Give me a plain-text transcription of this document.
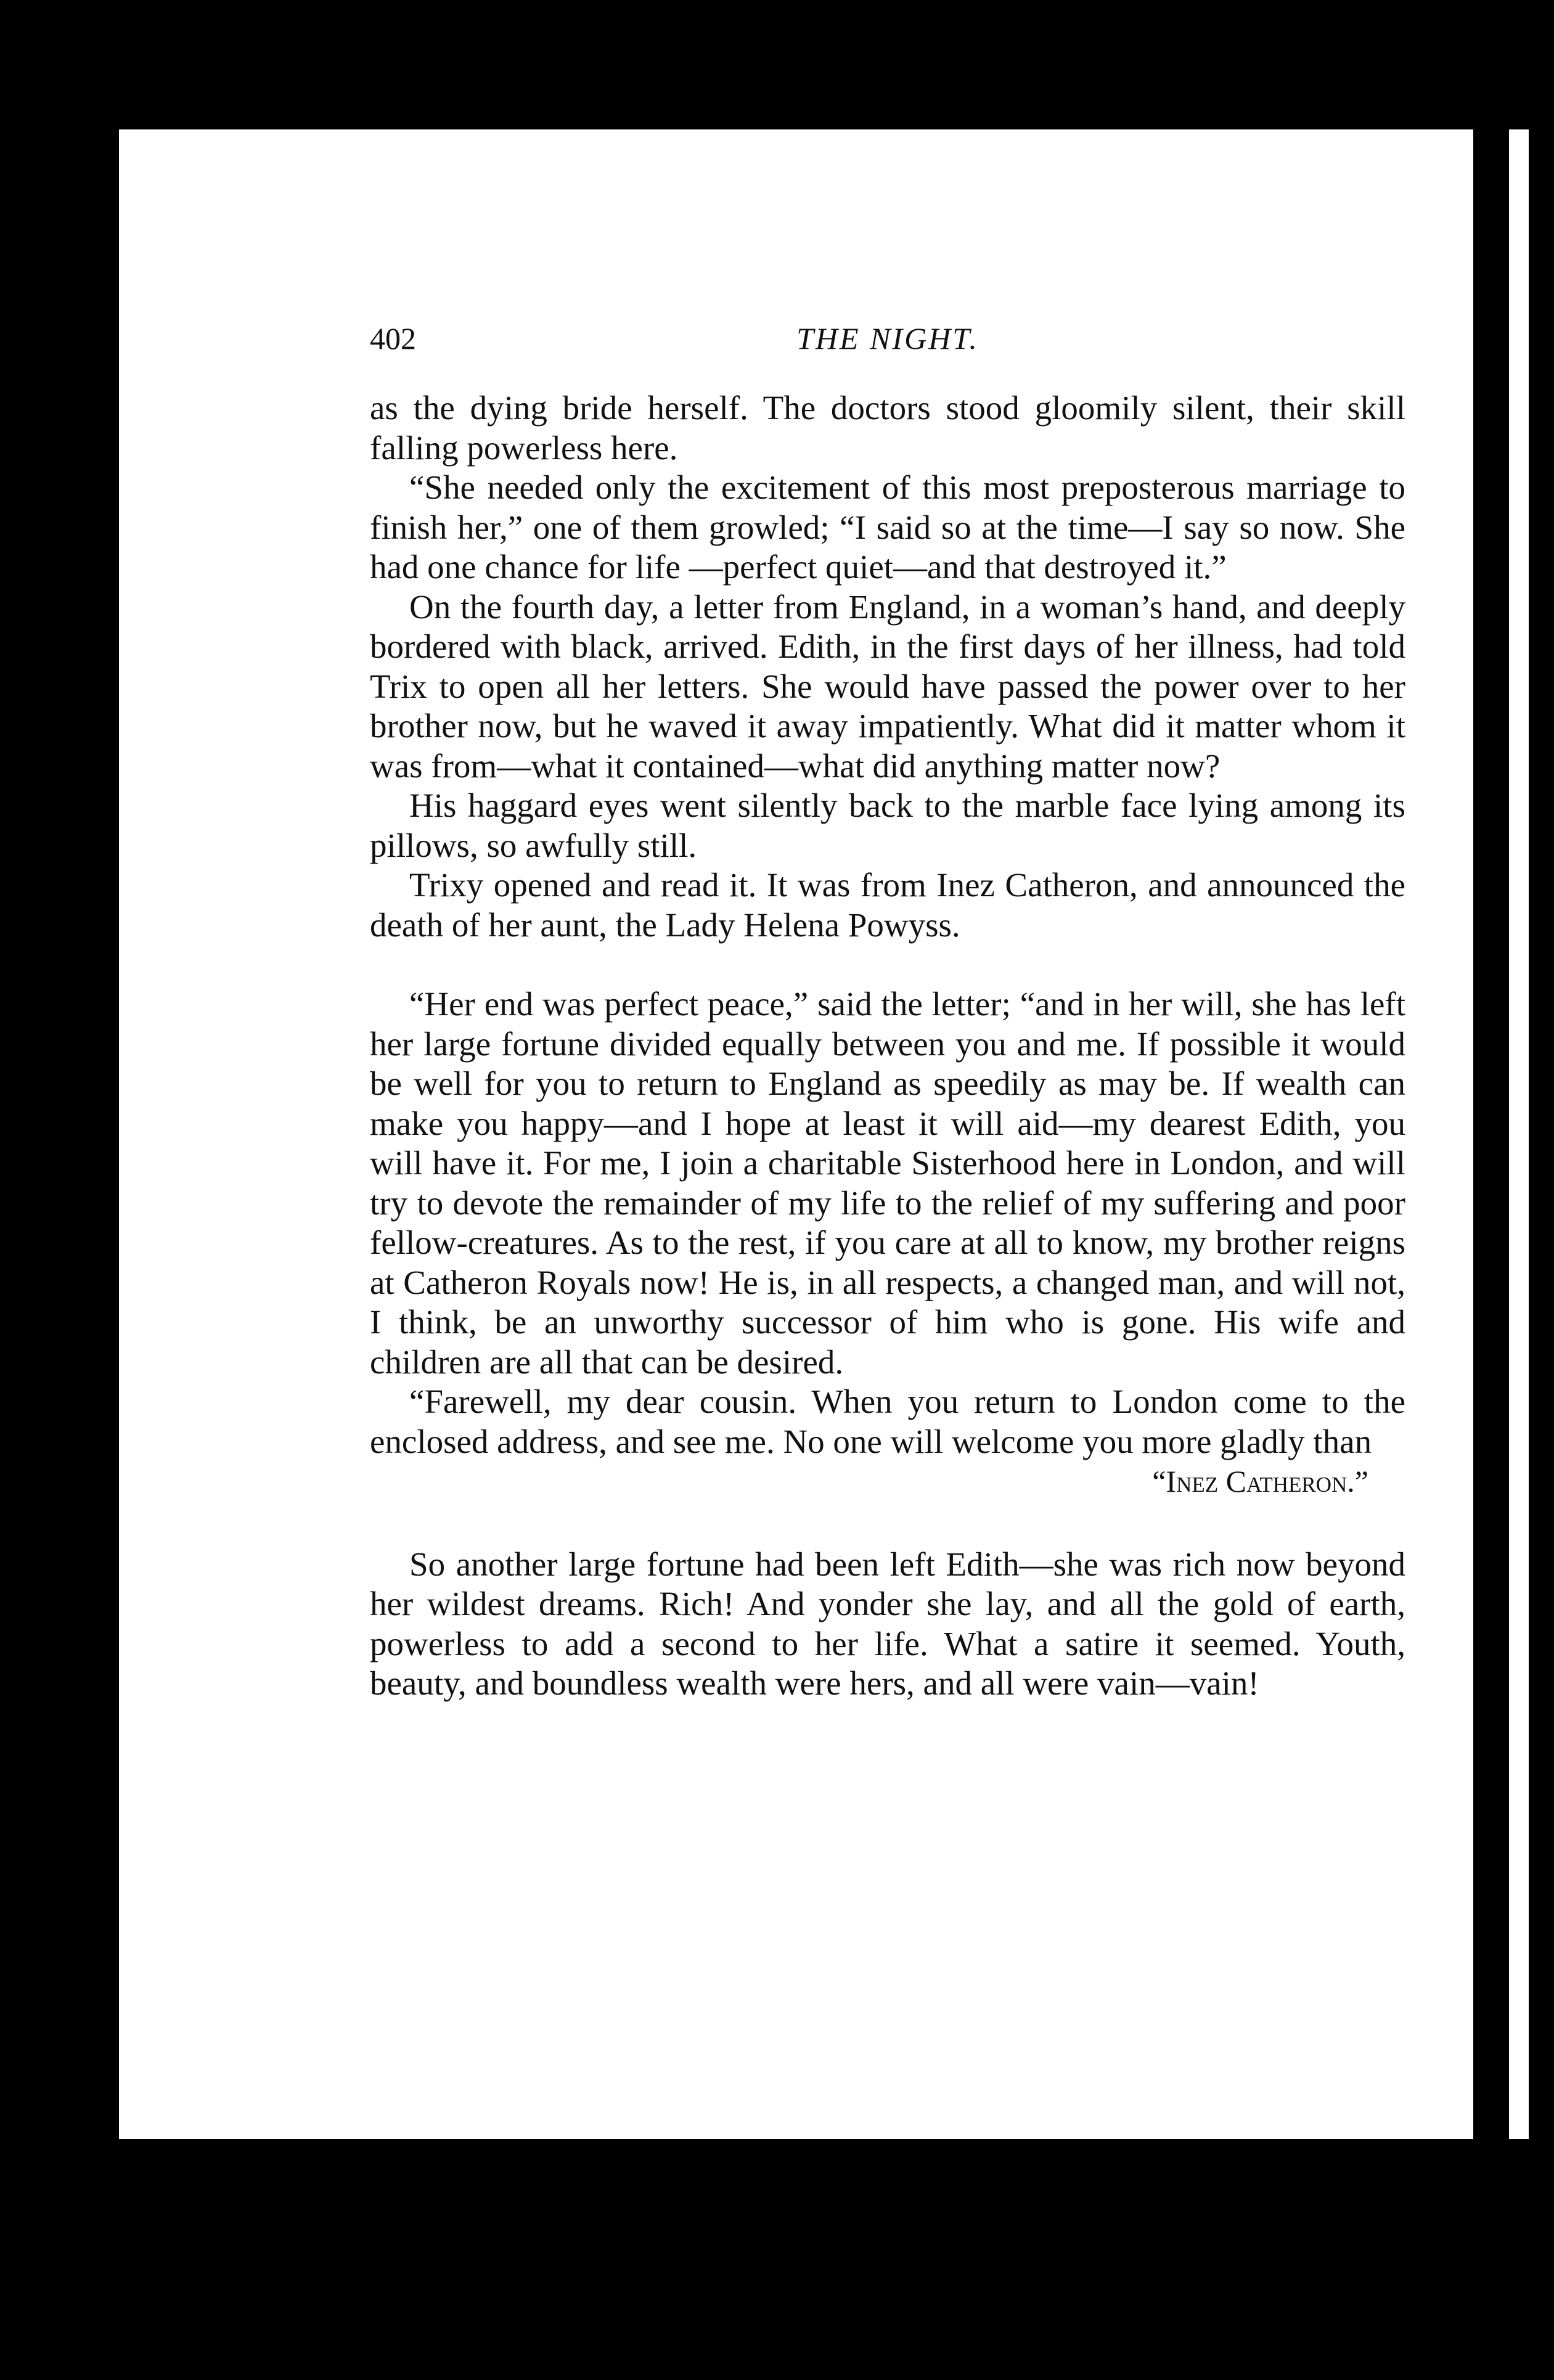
402	THE NIGHT.

as the dying bride herself. The doctors stood gloomily silent, their skill falling powerless here.

“She needed only the excitement of this most preposterous marriage to finish her,” one of them growled; “I said so at the time—I say so now. She had one chance for life —perfect quiet—and that destroyed it.”

On the fourth day, a letter from England, in a woman’s hand, and deeply bordered with black, arrived. Edith, in the first days of her illness, had told Trix to open all her letters. She would have passed the power over to her brother now, but he waved it away impatiently. What did it matter whom it was from—what it contained—what did anything matter now?

His haggard eyes went silently back to the marble face lying among its pillows, so awfully still.

Trixy opened and read it. It was from Inez Catheron, and announced the death of her aunt, the Lady Helena Powyss.

“Her end was perfect peace,” said the letter; “and in her will, she has left her large fortune divided equally between you and me. If possible it would be well for you to return to England as speedily as may be. If wealth can make you happy—and I hope at least it will aid—my dearest Edith, you will have it. For me, I join a charitable Sisterhood here in London, and will try to devote the remainder of my life to the relief of my suffering and poor fellow-creatures. As to the rest, if you care at all to know, my brother reigns at Catheron Royals now! He is, in all respects, a changed man, and will not, I think, be an unworthy successor of him who is gone. His wife and children are all that can be desired.

“Farewell, my dear cousin. When you return to London come to the enclosed address, and see me. No one will welcome you more gladly than

“Inez Catheron.”

So another large fortune had been left Edith—she was rich now beyond her wildest dreams. Rich! And yonder she lay, and all the gold of earth, powerless to add a second to her life. What a satire it seemed. Youth, beauty, and boundless wealth were hers, and all were vain—vain!
